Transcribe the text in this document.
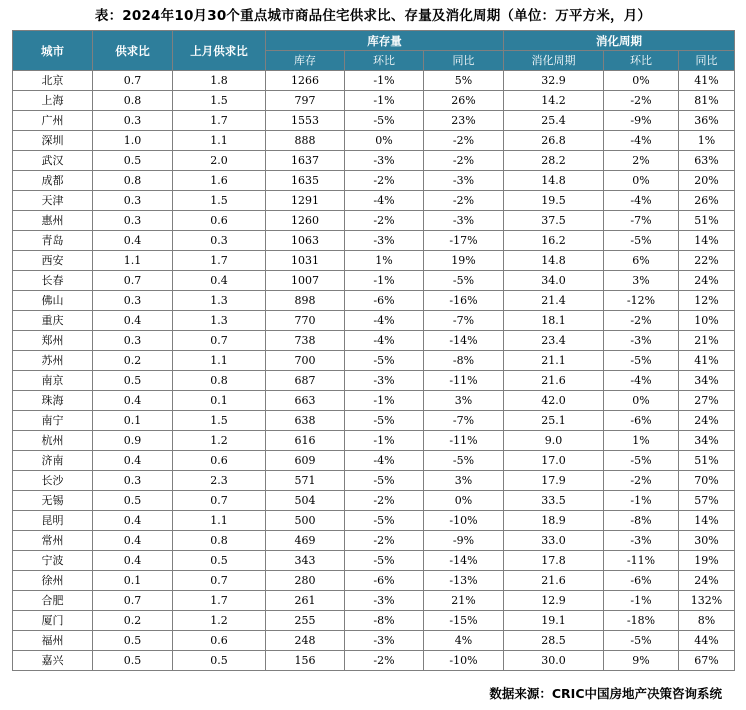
表：2024年10月30个重点城市商品住宅供求比、存量及消化周期（单位：万平方米，月）
城市	供求比	上月供求比	库存量			消化周期		
			库存	环比	同比	消化周期	环比	同比
北京	0.7	1.8	1266	-1%	5%	32.9	0%	41%
上海	0.8	1.5	797	-1%	26%	14.2	-2%	81%
广州	0.3	1.7	1553	-5%	23%	25.4	-9%	36%
深圳	1.0	1.1	888	0%	-2%	26.8	-4%	1%
武汉	0.5	2.0	1637	-3%	-2%	28.2	2%	63%
成都	0.8	1.6	1635	-2%	-3%	14.8	0%	20%
天津	0.3	1.5	1291	-4%	-2%	19.5	-4%	26%
惠州	0.3	0.6	1260	-2%	-3%	37.5	-7%	51%
青岛	0.4	0.3	1063	-3%	-17%	16.2	-5%	14%
西安	1.1	1.7	1031	1%	19%	14.8	6%	22%
长春	0.7	0.4	1007	-1%	-5%	34.0	3%	24%
佛山	0.3	1.3	898	-6%	-16%	21.4	-12%	12%
重庆	0.4	1.3	770	-4%	-7%	18.1	-2%	10%
郑州	0.3	0.7	738	-4%	-14%	23.4	-3%	21%
苏州	0.2	1.1	700	-5%	-8%	21.1	-5%	41%
南京	0.5	0.8	687	-3%	-11%	21.6	-4%	34%
珠海	0.4	0.1	663	-1%	3%	42.0	0%	27%
南宁	0.1	1.5	638	-5%	-7%	25.1	-6%	24%
杭州	0.9	1.2	616	-1%	-11%	9.0	1%	34%
济南	0.4	0.6	609	-4%	-5%	17.0	-5%	51%
长沙	0.3	2.3	571	-5%	3%	17.9	-2%	70%
无锡	0.5	0.7	504	-2%	0%	33.5	-1%	57%
昆明	0.4	1.1	500	-5%	-10%	18.9	-8%	14%
常州	0.4	0.8	469	-2%	-9%	33.0	-3%	30%
宁波	0.4	0.5	343	-5%	-14%	17.8	-11%	19%
徐州	0.1	0.7	280	-6%	-13%	21.6	-6%	24%
合肥	0.7	1.7	261	-3%	21%	12.9	-1%	132%
厦门	0.2	1.2	255	-8%	-15%	19.1	-18%	8%
福州	0.5	0.6	248	-3%	4%	28.5	-5%	44%
嘉兴	0.5	0.5	156	-2%	-10%	30.0	9%	67%
数据来源：CRIC中国房地产决策咨询系统
